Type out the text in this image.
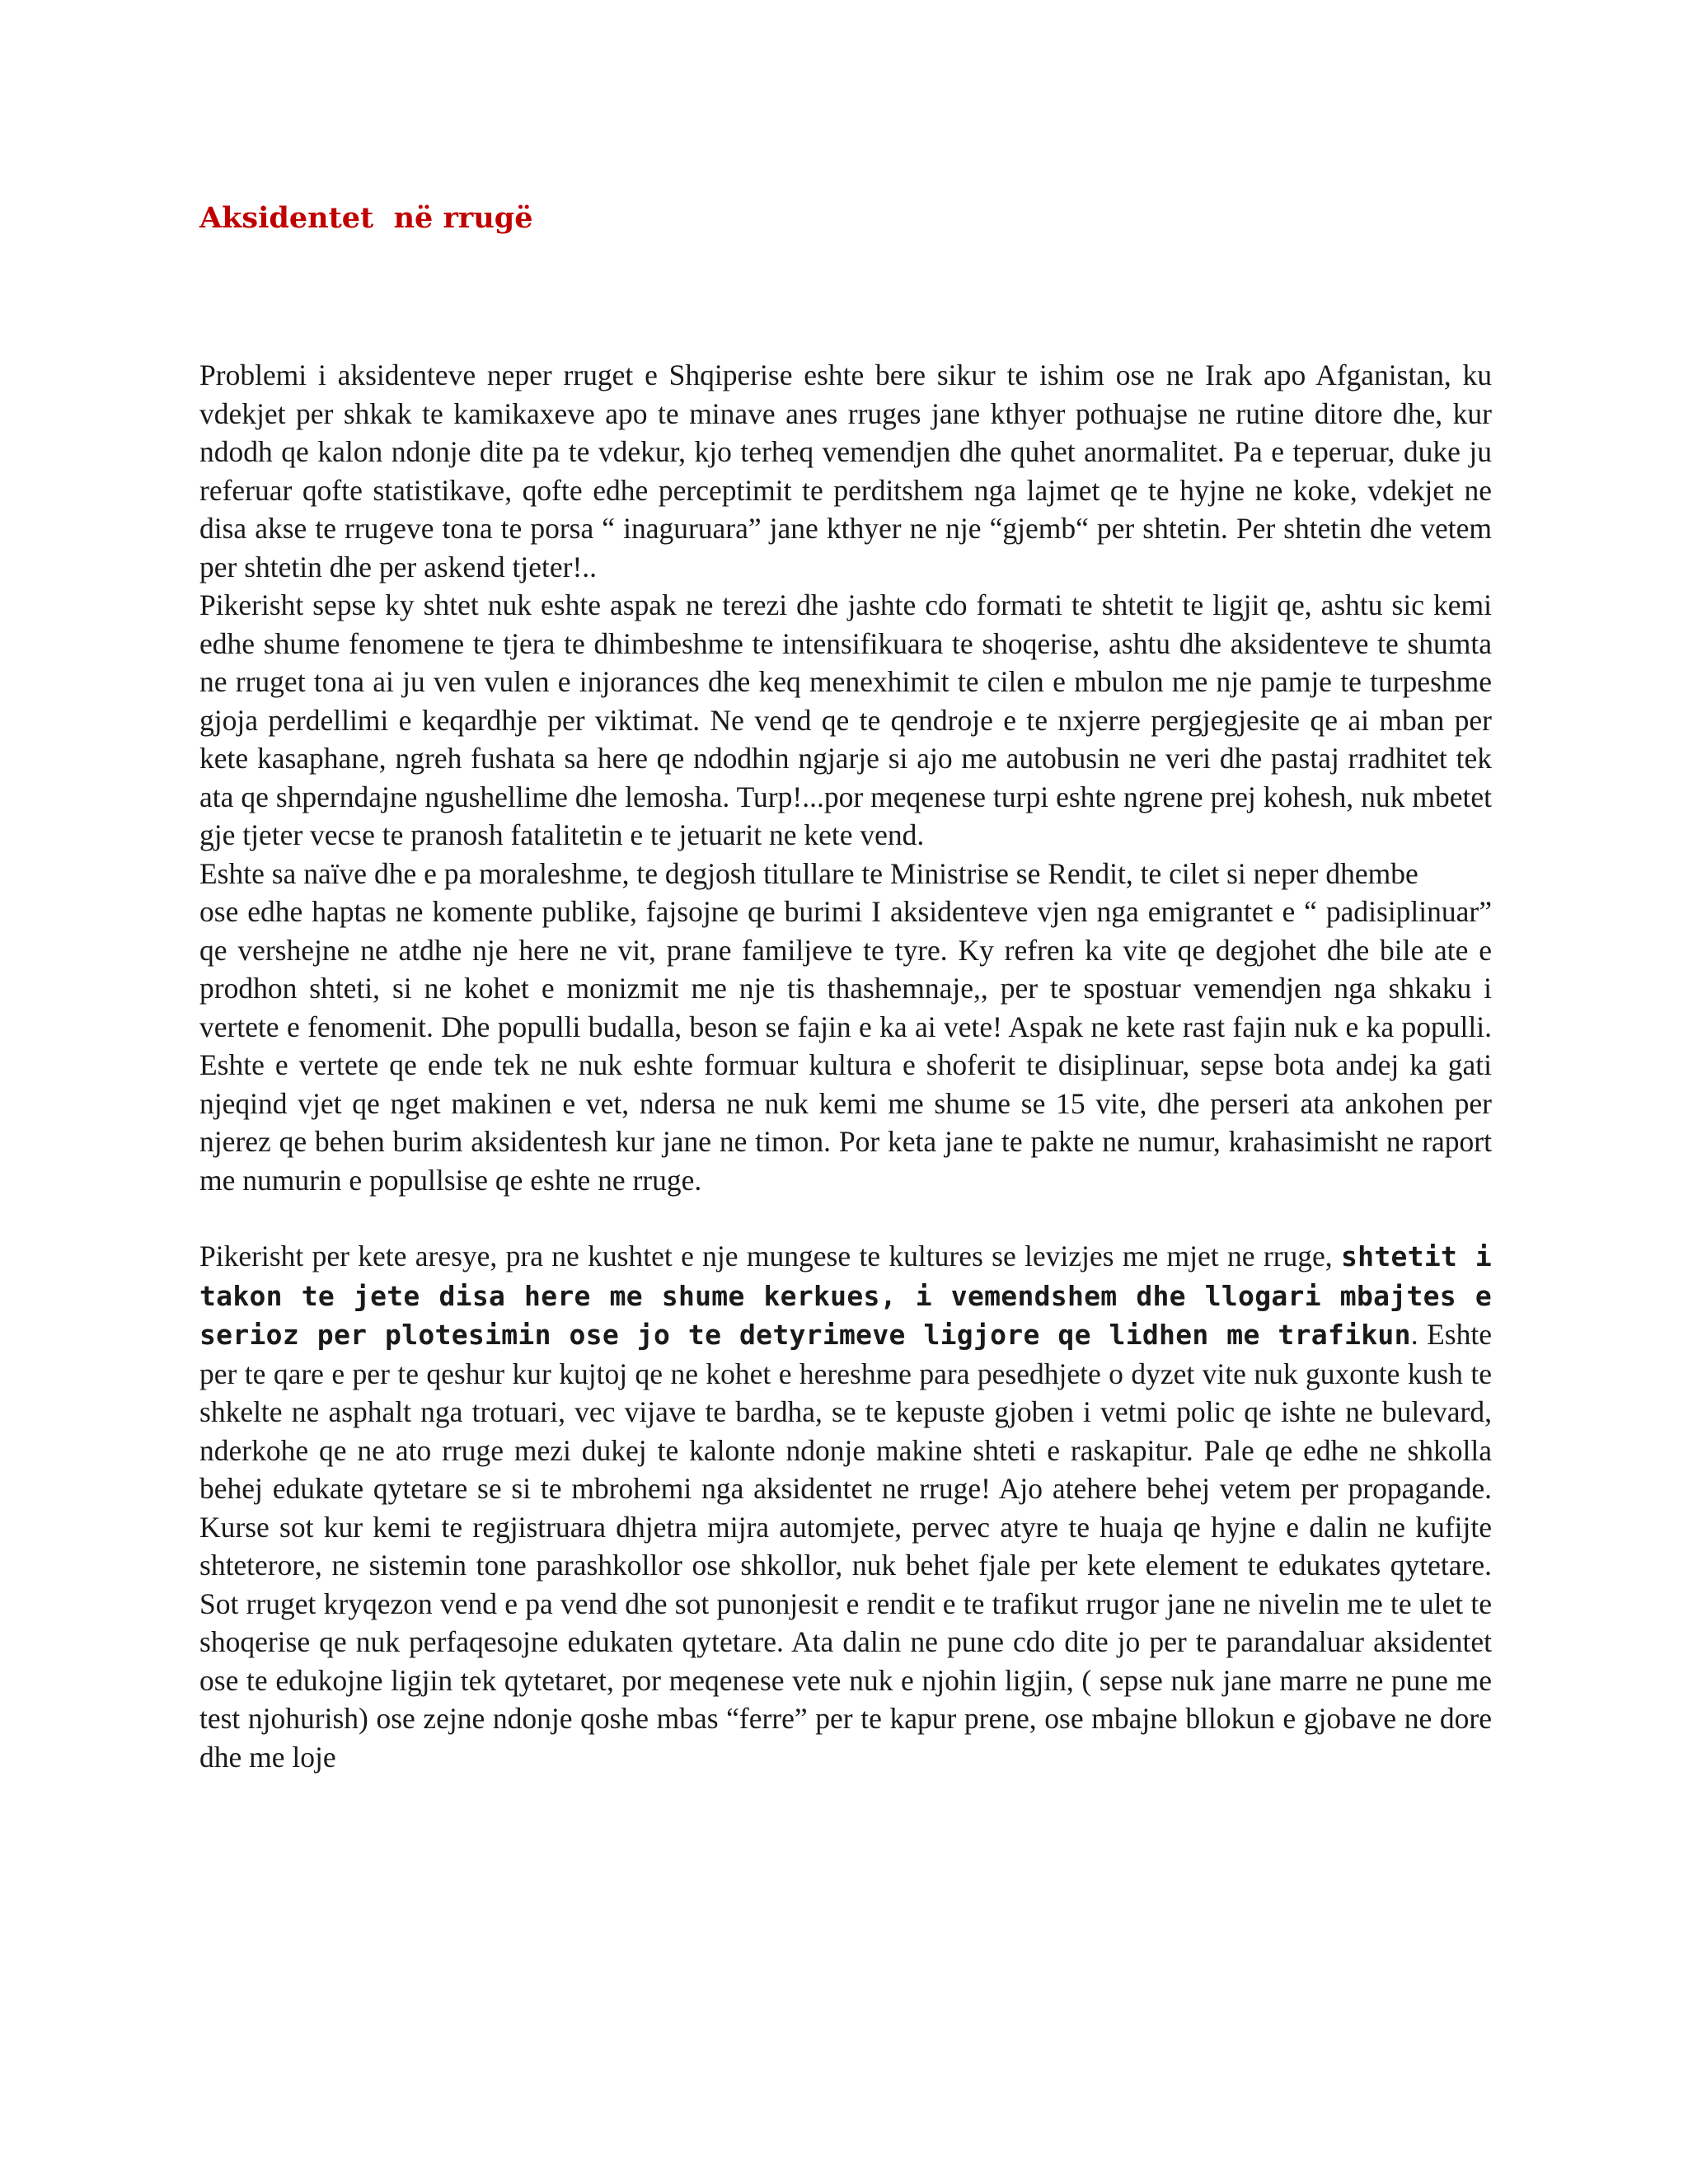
Aksidentet  në rrugë

Problemi i aksidenteve neper rruget e Shqiperise eshte bere sikur te ishim ose ne Irak apo Afganistan, ku vdekjet per shkak te kamikaxeve apo te minave anes rruges jane kthyer pothuajse ne rutine ditore dhe, kur ndodh qe kalon ndonje dite pa te vdekur, kjo terheq vemendjen dhe quhet anormalitet. Pa e teperuar, duke ju referuar qofte statistikave, qofte edhe perceptimit te perditshem nga lajmet qe te hyjne ne koke, vdekjet ne disa akse te rrugeve tona te porsa “ inaguruara” jane kthyer ne nje “gjemb“ per shtetin. Per shtetin dhe vetem per shtetin dhe per askend tjeter!..

Pikerisht sepse ky shtet nuk eshte aspak ne terezi dhe jashte cdo formati te shtetit te ligjit qe, ashtu sic kemi edhe shume fenomene te tjera te dhimbeshme te intensifikuara te shoqerise, ashtu dhe aksidenteve te shumta ne rruget tona ai ju ven vulen e injorances dhe keq menexhimit te cilen e mbulon me nje pamje te turpeshme gjoja perdellimi e keqardhje per viktimat. Ne vend qe te qendroje e te nxjerre pergjegjesite qe ai mban per kete kasaphane, ngreh fushata sa here qe ndodhin ngjarje si ajo me autobusin ne veri dhe pastaj rradhitet tek ata qe shperndajne ngushellime dhe lemosha. Turp!...por meqenese turpi eshte ngrene prej kohesh, nuk mbetet gje tjeter vecse te pranosh fatalitetin e te jetuarit ne kete vend.

Eshte sa naïve dhe e pa moraleshme, te degjosh titullare te Ministrise se Rendit, te cilet si neper dhembe

ose edhe haptas ne komente publike, fajsojne qe burimi I aksidenteve vjen nga emigrantet e “ padisiplinuar” qe vershejne ne atdhe nje here ne vit, prane familjeve te tyre. Ky refren ka vite qe degjohet dhe bile ate e prodhon shteti, si ne kohet e monizmit me nje tis thashemnaje,, per te spostuar vemendjen nga shkaku i vertete e fenomenit. Dhe populli budalla, beson se fajin e ka ai vete! Aspak ne kete rast fajin nuk e ka populli. Eshte e vertete qe ende tek ne nuk eshte formuar kultura e shoferit te disiplinuar, sepse bota andej ka gati njeqind vjet qe nget makinen e vet, ndersa ne nuk kemi me shume se 15 vite, dhe perseri ata ankohen per njerez qe behen burim aksidentesh kur jane ne timon. Por keta jane te pakte ne numur, krahasimisht ne raport me numurin e popullsise qe eshte ne rruge.

Pikerisht per kete aresye, pra ne kushtet e nje mungese te kultures se levizjes me mjet ne rruge, shtetit i takon te jete disa here me shume kerkues, i vemendshem dhe llogari mbajtes e serioz per plotesimin ose jo te detyrimeve ligjore qe lidhen me trafikun. Eshte per te qare e per te qeshur kur kujtoj qe ne kohet e hereshme para pesedhjete o dyzet vite nuk guxonte kush te shkelte ne asphalt nga trotuari, vec vijave te bardha, se te kepuste gjoben i vetmi polic qe ishte ne bulevard, nderkohe qe ne ato rruge mezi dukej te kalonte ndonje makine shteti e raskapitur. Pale qe edhe ne shkolla behej edukate qytetare se si te mbrohemi nga aksidentet ne rruge! Ajo atehere behej vetem per propagande. Kurse sot kur kemi te regjistruara dhjetra mijra automjete, pervec atyre te huaja qe hyjne e dalin ne kufijte shteterore, ne sistemin tone parashkollor ose shkollor, nuk behet fjale per kete element te edukates qytetare. Sot rruget kryqezon vend e pa vend dhe sot punonjesit e rendit e te trafikut rrugor jane ne nivelin me te ulet te shoqerise qe nuk perfaqesojne edukaten qytetare. Ata dalin ne pune cdo dite jo per te parandaluar aksidentet ose te edukojne ligjin tek qytetaret, por meqenese vete nuk e njohin ligjin, ( sepse nuk jane marre ne pune me test njohurish) ose zejne ndonje qoshe mbas “ferre” per te kapur prene, ose mbajne bllokun e gjobave ne dore dhe me loje
